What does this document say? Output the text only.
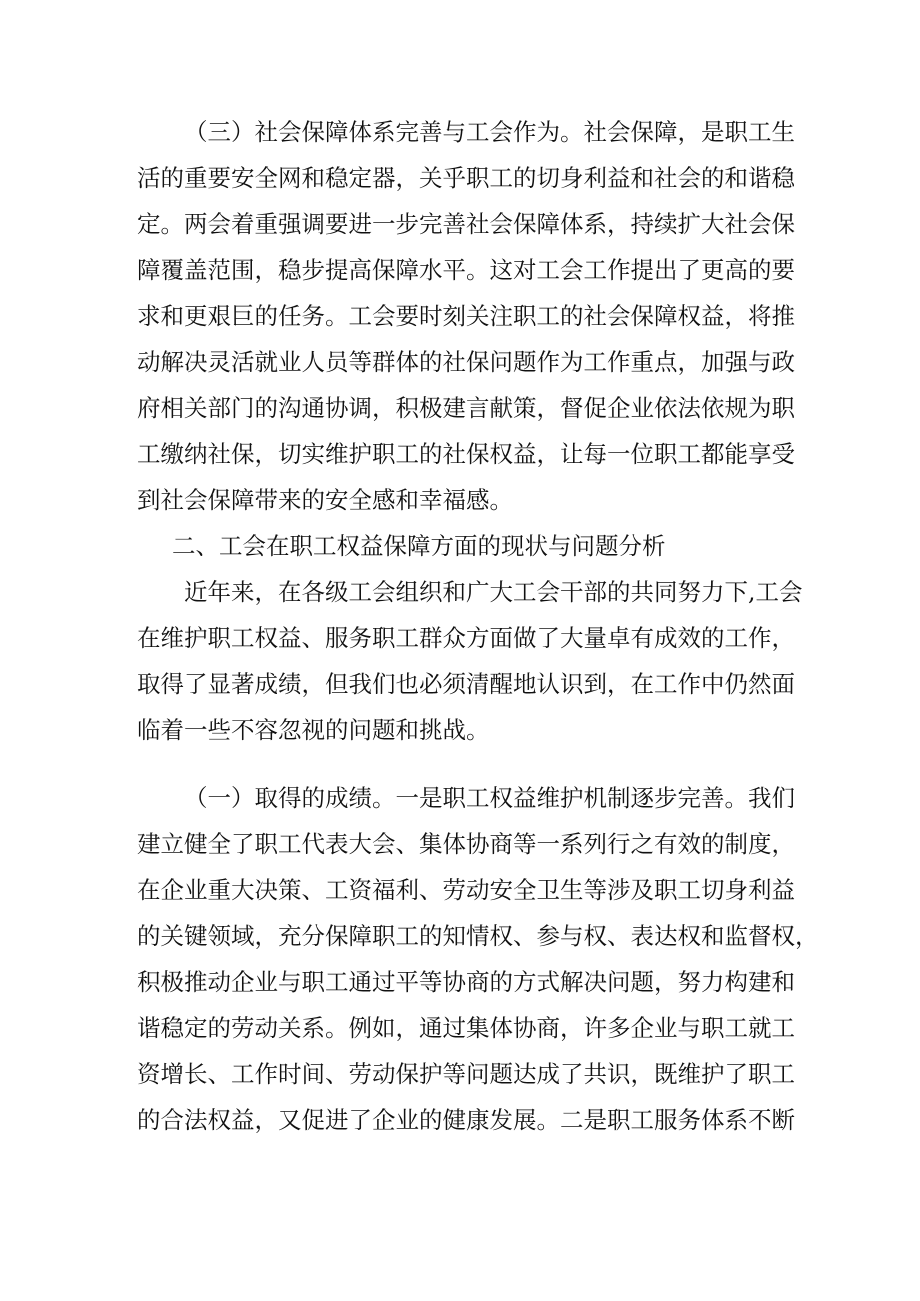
（三）社会保障体系完善与工会作为。社会保障，是职工生
活的重要安全网和稳定器，关乎职工的切身利益和社会的和谐稳
定。两会着重强调要进一步完善社会保障体系，持续扩大社会保
障覆盖范围，稳步提高保障水平。这对工会工作提出了更高的要
求和更艰巨的任务。工会要时刻关注职工的社会保障权益，将推
动解决灵活就业人员等群体的社保问题作为工作重点，加强与政
府相关部门的沟通协调，积极建言献策，督促企业依法依规为职
工缴纳社保，切实维护职工的社保权益，让每一位职工都能享受
到社会保障带来的安全感和幸福感。
二、工会在职工权益保障方面的现状与问题分析
近年来，在各级工会组织和广大工会干部的共同努力下,工会
在维护职工权益、服务职工群众方面做了大量卓有成效的工作，
取得了显著成绩，但我们也必须清醒地认识到，在工作中仍然面
临着一些不容忽视的问题和挑战。
（一）取得的成绩。一是职工权益维护机制逐步完善。我们
建立健全了职工代表大会、集体协商等一系列行之有效的制度，
在企业重大决策、工资福利、劳动安全卫生等涉及职工切身利益
的关键领域，充分保障职工的知情权、参与权、表达权和监督权，
积极推动企业与职工通过平等协商的方式解决问题，努力构建和
谐稳定的劳动关系。例如，通过集体协商，许多企业与职工就工
资增长、工作时间、劳动保护等问题达成了共识，既维护了职工
的合法权益，又促进了企业的健康发展。二是职工服务体系不断
